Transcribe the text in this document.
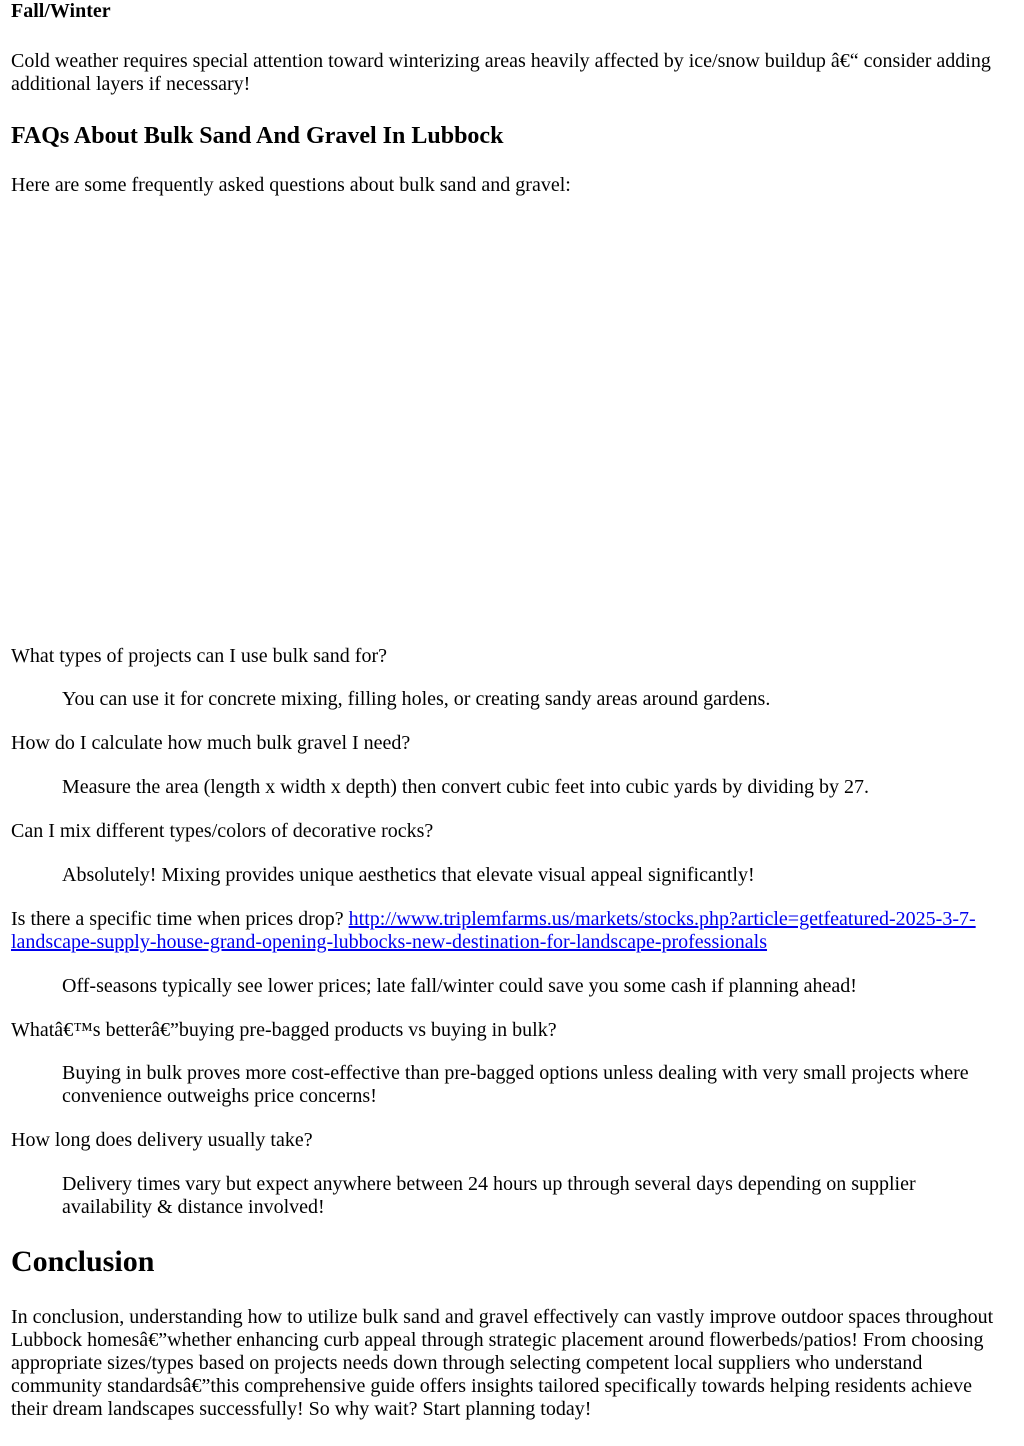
Fall/Winter

Cold weather requires special attention toward winterizing areas heavily affected by ice/snow buildup â€“ consider adding additional layers if necessary!

FAQs About Bulk Sand And Gravel In Lubbock

Here are some frequently asked questions about bulk sand and gravel:

What types of projects can I use bulk sand for?

You can use it for concrete mixing, filling holes, or creating sandy areas around gardens.

How do I calculate how much bulk gravel I need?

Measure the area (length x width x depth) then convert cubic feet into cubic yards by dividing by 27.

Can I mix different types/colors of decorative rocks?

Absolutely! Mixing provides unique aesthetics that elevate visual appeal significantly!

Is there a specific time when prices drop? http://www.triplemfarms.us/markets/stocks.php?article=getfeatured-2025-3-7-landscape-supply-house-grand-opening-lubbocks-new-destination-for-landscape-professionals

Off-seasons typically see lower prices; late fall/winter could save you some cash if planning ahead!

Whatâ€™s betterâ€”buying pre-bagged products vs buying in bulk?

Buying in bulk proves more cost-effective than pre-bagged options unless dealing with very small projects where convenience outweighs price concerns!

How long does delivery usually take?

Delivery times vary but expect anywhere between 24 hours up through several days depending on supplier availability & distance involved!

Conclusion

In conclusion, understanding how to utilize bulk sand and gravel effectively can vastly improve outdoor spaces throughout Lubbock homesâ€”whether enhancing curb appeal through strategic placement around flowerbeds/patios! From choosing appropriate sizes/types based on projects needs down through selecting competent local suppliers who understand community standardsâ€”this comprehensive guide offers insights tailored specifically towards helping residents achieve their dream landscapes successfully! So why wait? Start planning today!
